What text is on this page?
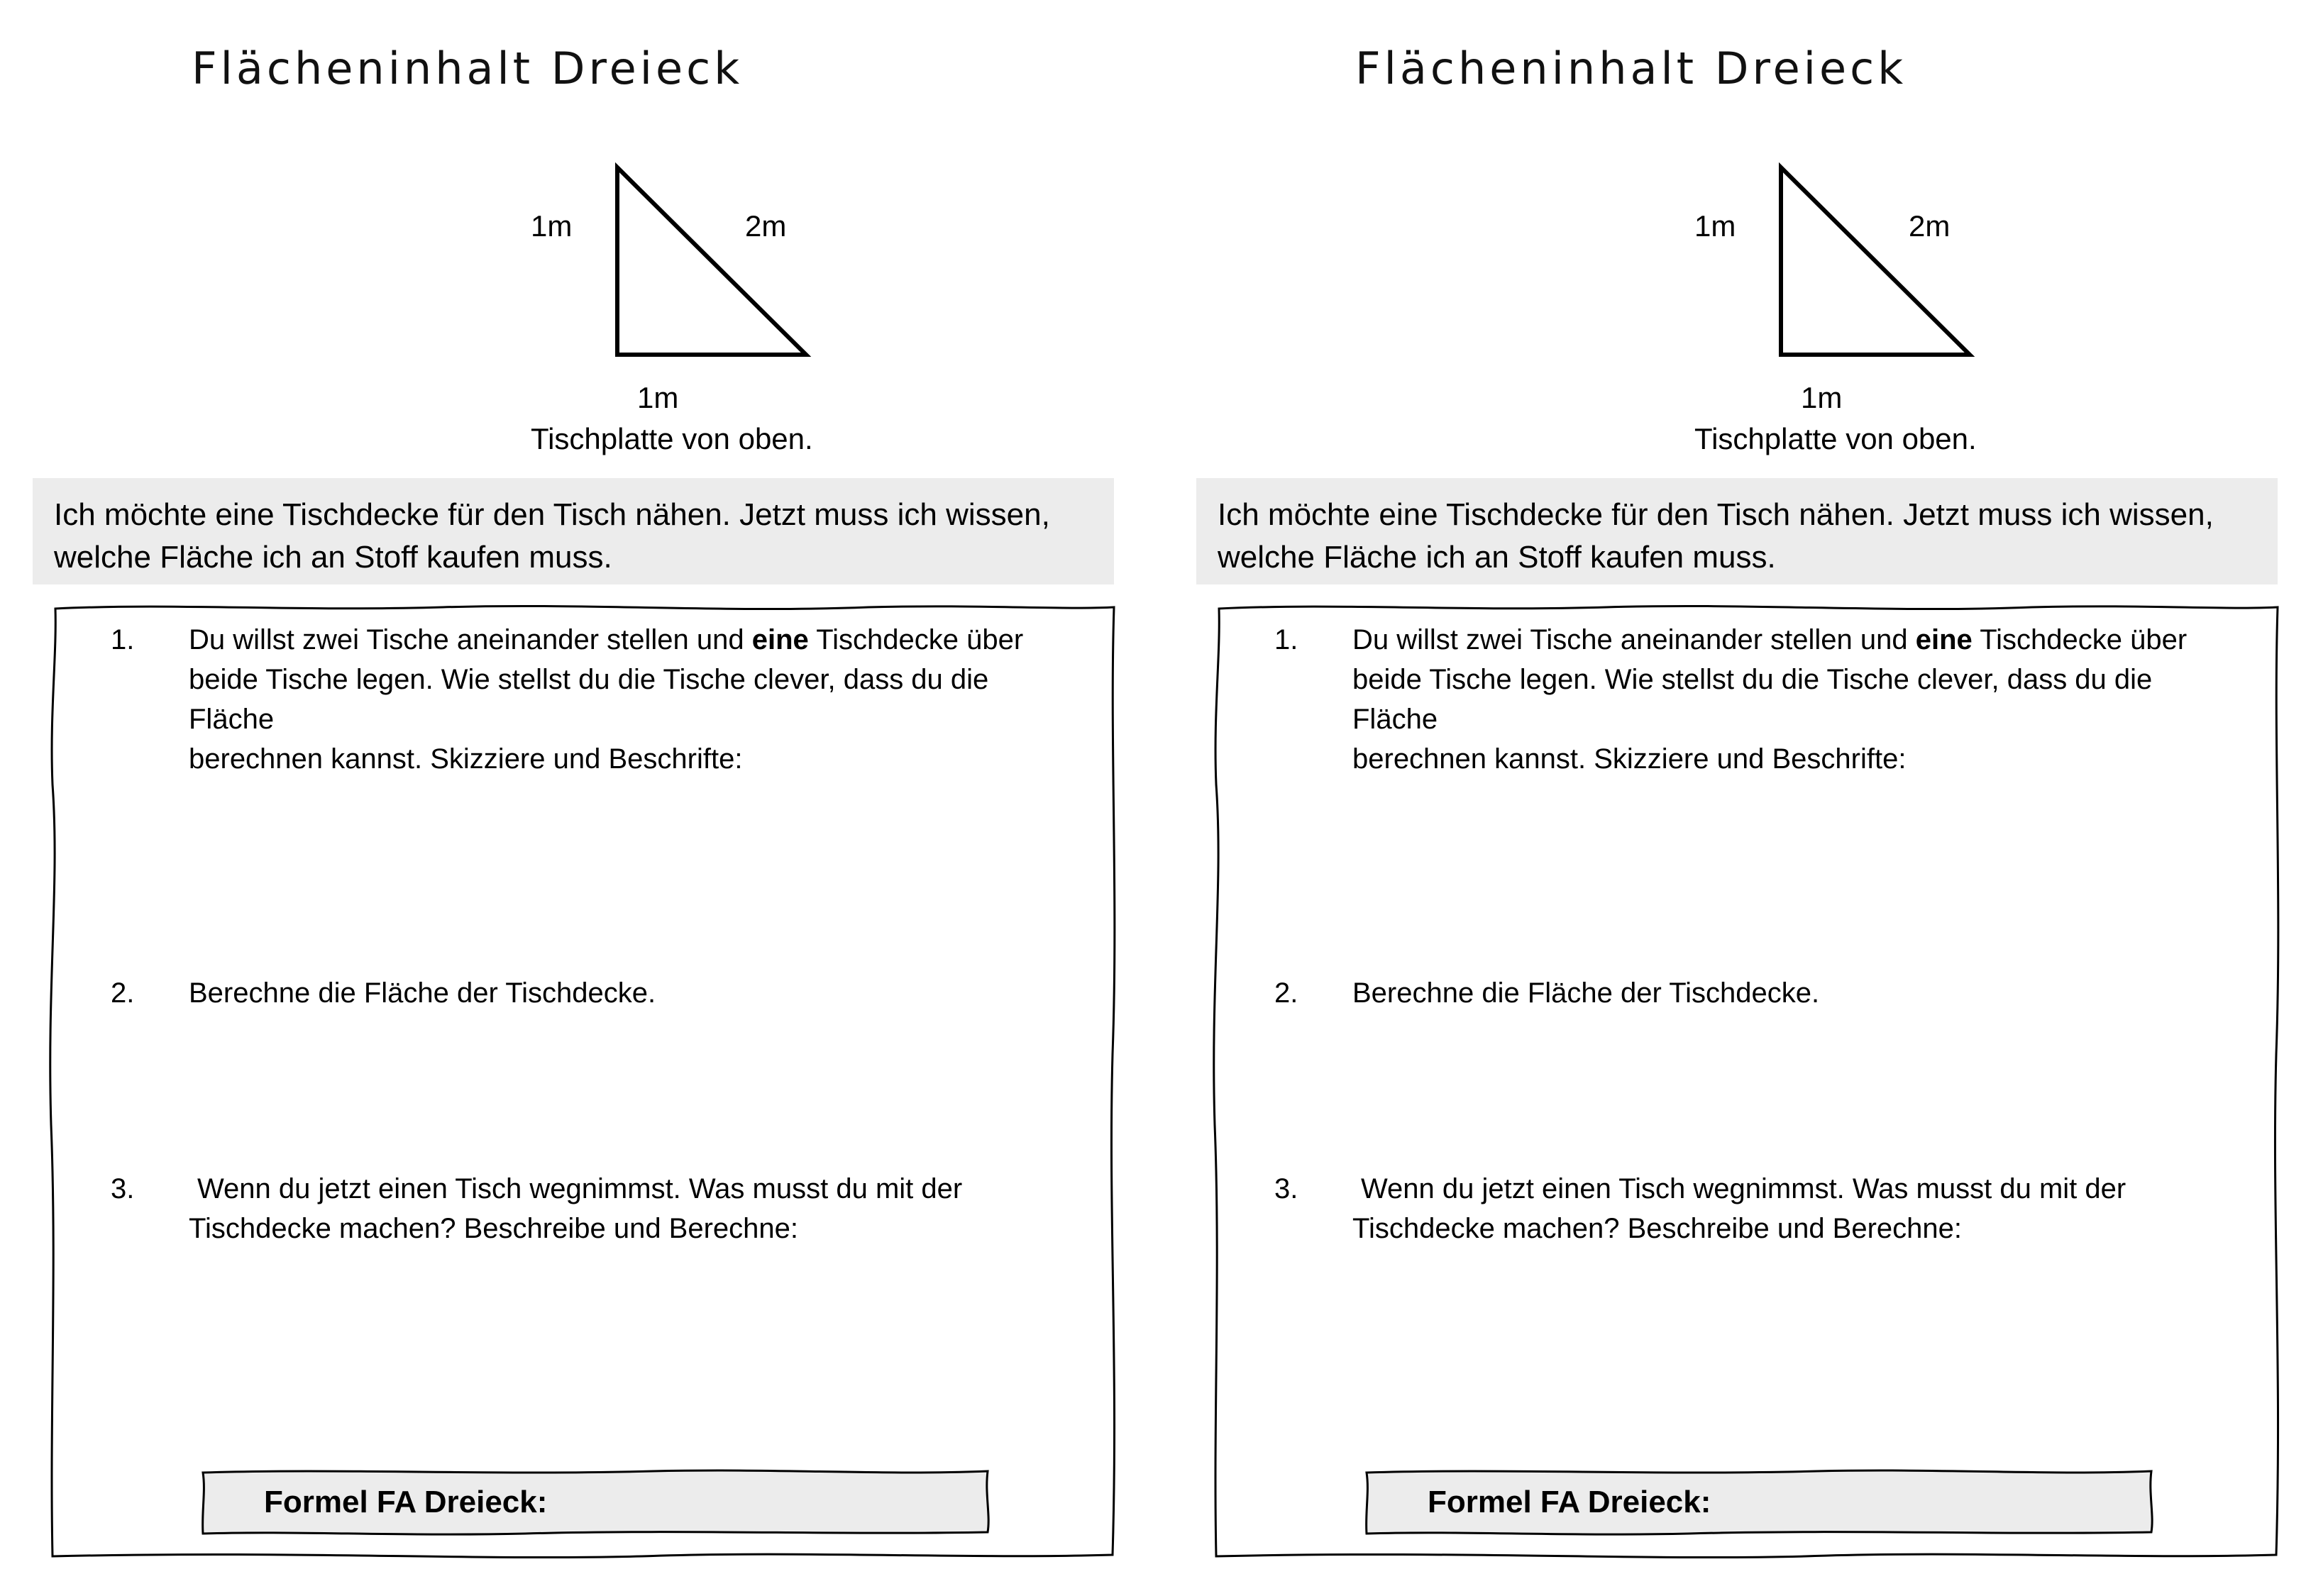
Flächeninhalt Dreieck
1m	2m
1m
Tischplatte von oben.

Ich möchte eine Tischdecke für den Tisch nähen. Jetzt muss ich wissen,

welche Fläche ich an Stoff kaufen muss.

1. Du willst zwei Tische aneinander stellen und eine Tischdecke über
beide Tische legen. Wie stellst du die Tische clever, dass du die Fläche
berechnen kannst. Skizziere und Beschrifte:
2. Berechne die Fläche der Tischdecke.
3. Wenn du jetzt einen Tisch wegnimmst. Was musst du mit der
Tischdecke machen? Beschreibe und Berechne:
Formel FA Dreieck:
Flächeninhalt Dreieck
1m	2m
1m
Tischplatte von oben.

Ich möchte eine Tischdecke für den Tisch nähen. Jetzt muss ich wissen,

welche Fläche ich an Stoff kaufen muss.

1. Du willst zwei Tische aneinander stellen und eine Tischdecke über
beide Tische legen. Wie stellst du die Tische clever, dass du die Fläche
berechnen kannst. Skizziere und Beschrifte:
2. Berechne die Fläche der Tischdecke.
3. Wenn du jetzt einen Tisch wegnimmst. Was musst du mit der
Tischdecke machen? Beschreibe und Berechne:
Formel FA Dreieck:
